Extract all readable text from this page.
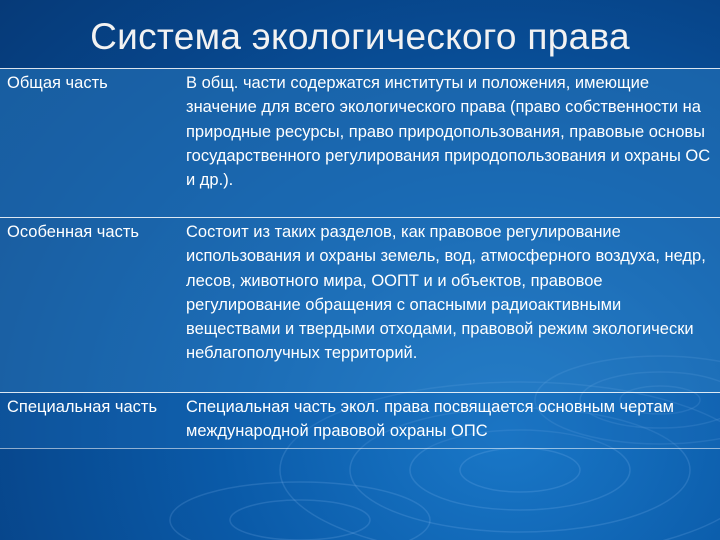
Система экологического права
Общая часть	В общ. части содержатся институты и положения, имеющие значение для всего экологического права (право собственности на природные ресурсы, право природопользования, правовые основы государственного регулирования природопользования и охраны ОС и др.).
Особенная часть	Состоит из таких разделов, как правовое регулирование использования и охраны земель, вод, атмосферного воздуха, недр, лесов, животного мира, ООПТ и и объектов, правовое регулирование обращения с опасными радиоактивными веществами и твердыми отходами, правовой режим экологически неблагополучных территорий.
Специальная часть	Специальная часть экол. права посвящается основным чертам международной правовой охраны ОПС
